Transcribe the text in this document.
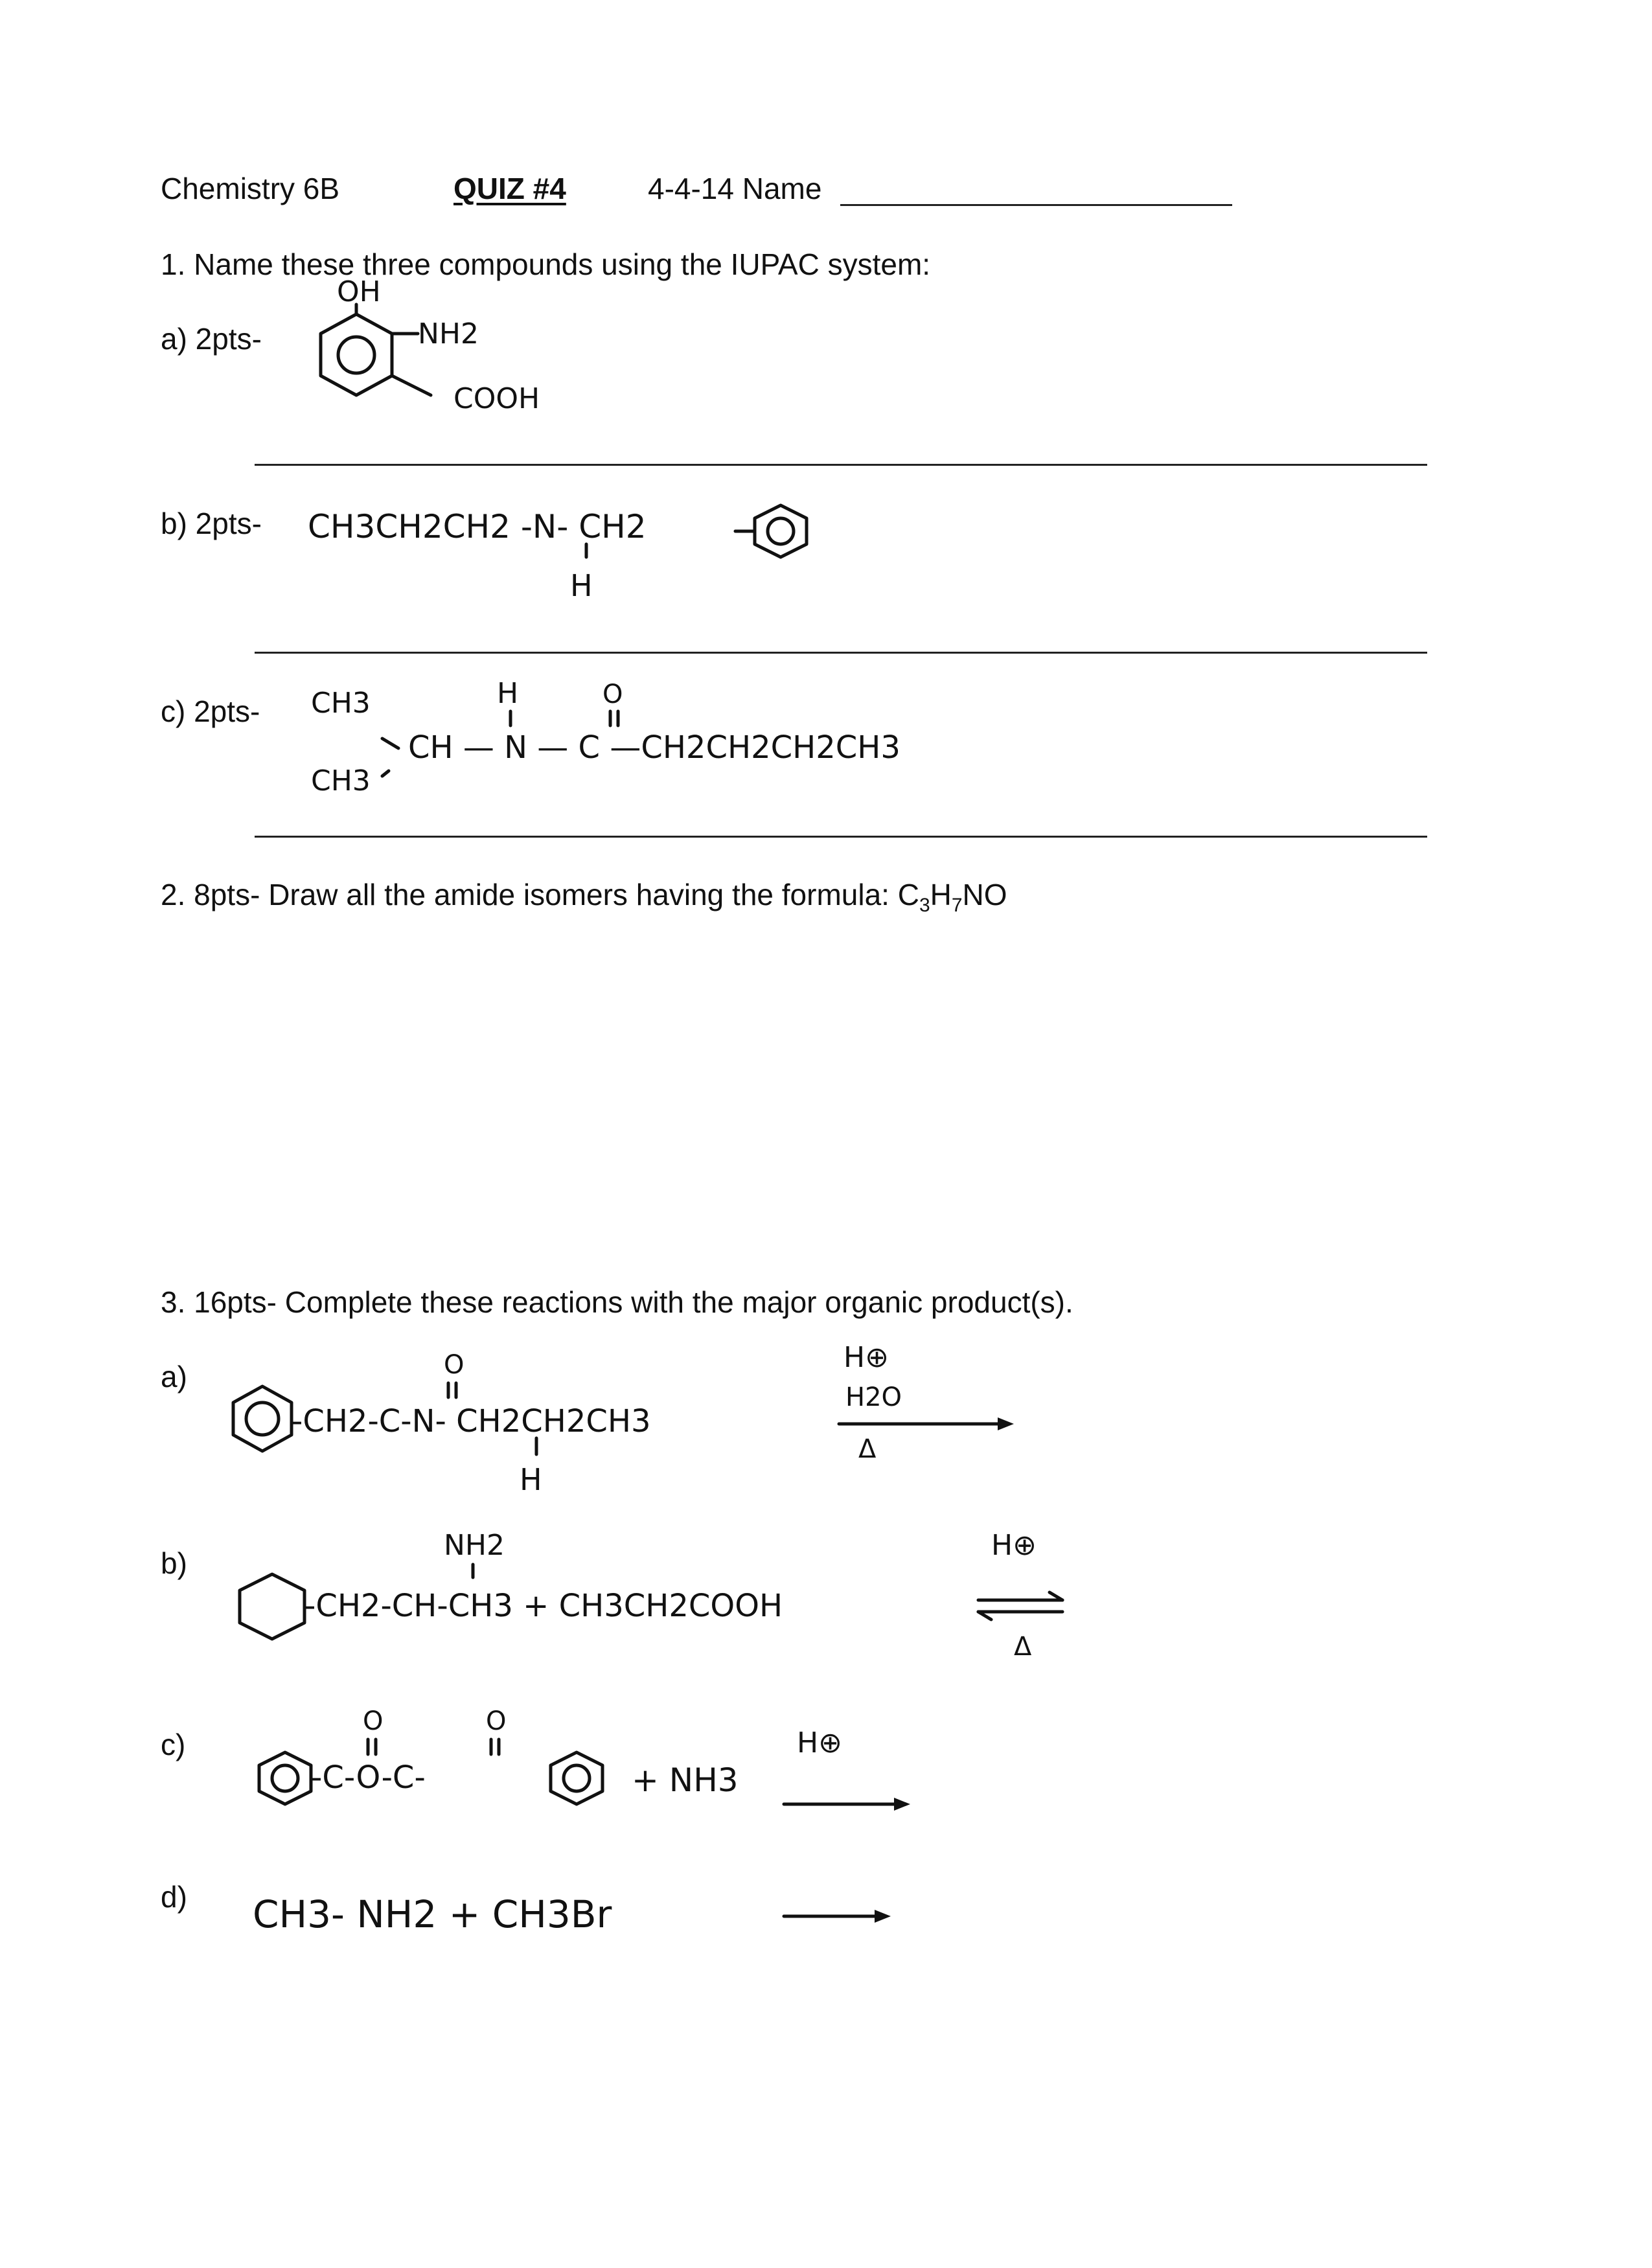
Chemistry 6B	QUIZ #4	4-4-14 Name
1. Name these three compounds using the IUPAC system:
a) 2pts-
OH
NH2
COOH
b) 2pts- CH3CH2CH2 -N- CH2
H
c) 2pts- CH3
CH3
H	O
CH — N — C —CH2CH2CH2CH3
2. 8pts- Draw all the amide isomers having the formula: $C_3H_7NO$
3. 16pts- Complete these reactions with the major organic product(s).
a)	O
-CH2-C-N- CH2CH2CH3
H
H⊕
H2O
Δ
b)
NH2
-CH2-CH-CH3 + CH3CH2COOH
H⊕
Δ
c)
O	O
-C-O-C-	+ NH3
H⊕
d) CH3- NH2 + CH3Br
